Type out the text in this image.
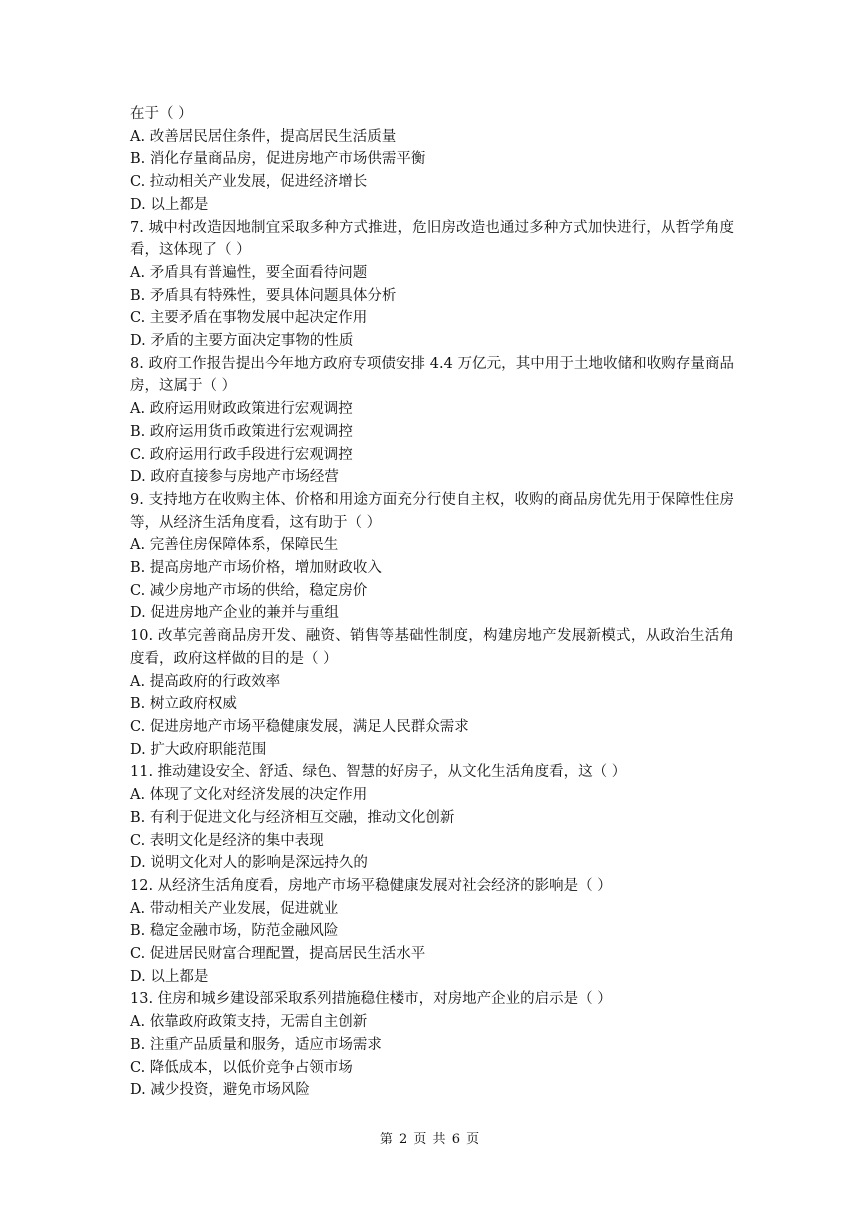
在于（ ）
A. 改善居民居住条件，提高居民生活质量
B. 消化存量商品房，促进房地产市场供需平衡
C. 拉动相关产业发展，促进经济增长
D. 以上都是
7. 城中村改造因地制宜采取多种方式推进，危旧房改造也通过多种方式加快进行，从哲学角度看，这体现了（ ）
A. 矛盾具有普遍性，要全面看待问题
B. 矛盾具有特殊性，要具体问题具体分析
C. 主要矛盾在事物发展中起决定作用
D. 矛盾的主要方面决定事物的性质
8. 政府工作报告提出今年地方政府专项债安排 4.4 万亿元，其中用于土地收储和收购存量商品房，这属于（ ）
A. 政府运用财政政策进行宏观调控
B. 政府运用货币政策进行宏观调控
C. 政府运用行政手段进行宏观调控
D. 政府直接参与房地产市场经营
9. 支持地方在收购主体、价格和用途方面充分行使自主权，收购的商品房优先用于保障性住房等，从经济生活角度看，这有助于（ ）
A. 完善住房保障体系，保障民生
B. 提高房地产市场价格，增加财政收入
C. 减少房地产市场的供给，稳定房价
D. 促进房地产企业的兼并与重组
10. 改革完善商品房开发、融资、销售等基础性制度，构建房地产发展新模式，从政治生活角度看，政府这样做的目的是（ ）
A. 提高政府的行政效率
B. 树立政府权威
C. 促进房地产市场平稳健康发展，满足人民群众需求
D. 扩大政府职能范围
11. 推动建设安全、舒适、绿色、智慧的好房子，从文化生活角度看，这（ ）
A. 体现了文化对经济发展的决定作用
B. 有利于促进文化与经济相互交融，推动文化创新
C. 表明文化是经济的集中表现
D. 说明文化对人的影响是深远持久的
12. 从经济生活角度看，房地产市场平稳健康发展对社会经济的影响是（ ）
A. 带动相关产业发展，促进就业
B. 稳定金融市场，防范金融风险
C. 促进居民财富合理配置，提高居民生活水平
D. 以上都是
13. 住房和城乡建设部采取系列措施稳住楼市，对房地产企业的启示是（ ）
A. 依靠政府政策支持，无需自主创新
B. 注重产品质量和服务，适应市场需求
C. 降低成本，以低价竞争占领市场
D. 减少投资，避免市场风险
第 2 页 共 6 页
